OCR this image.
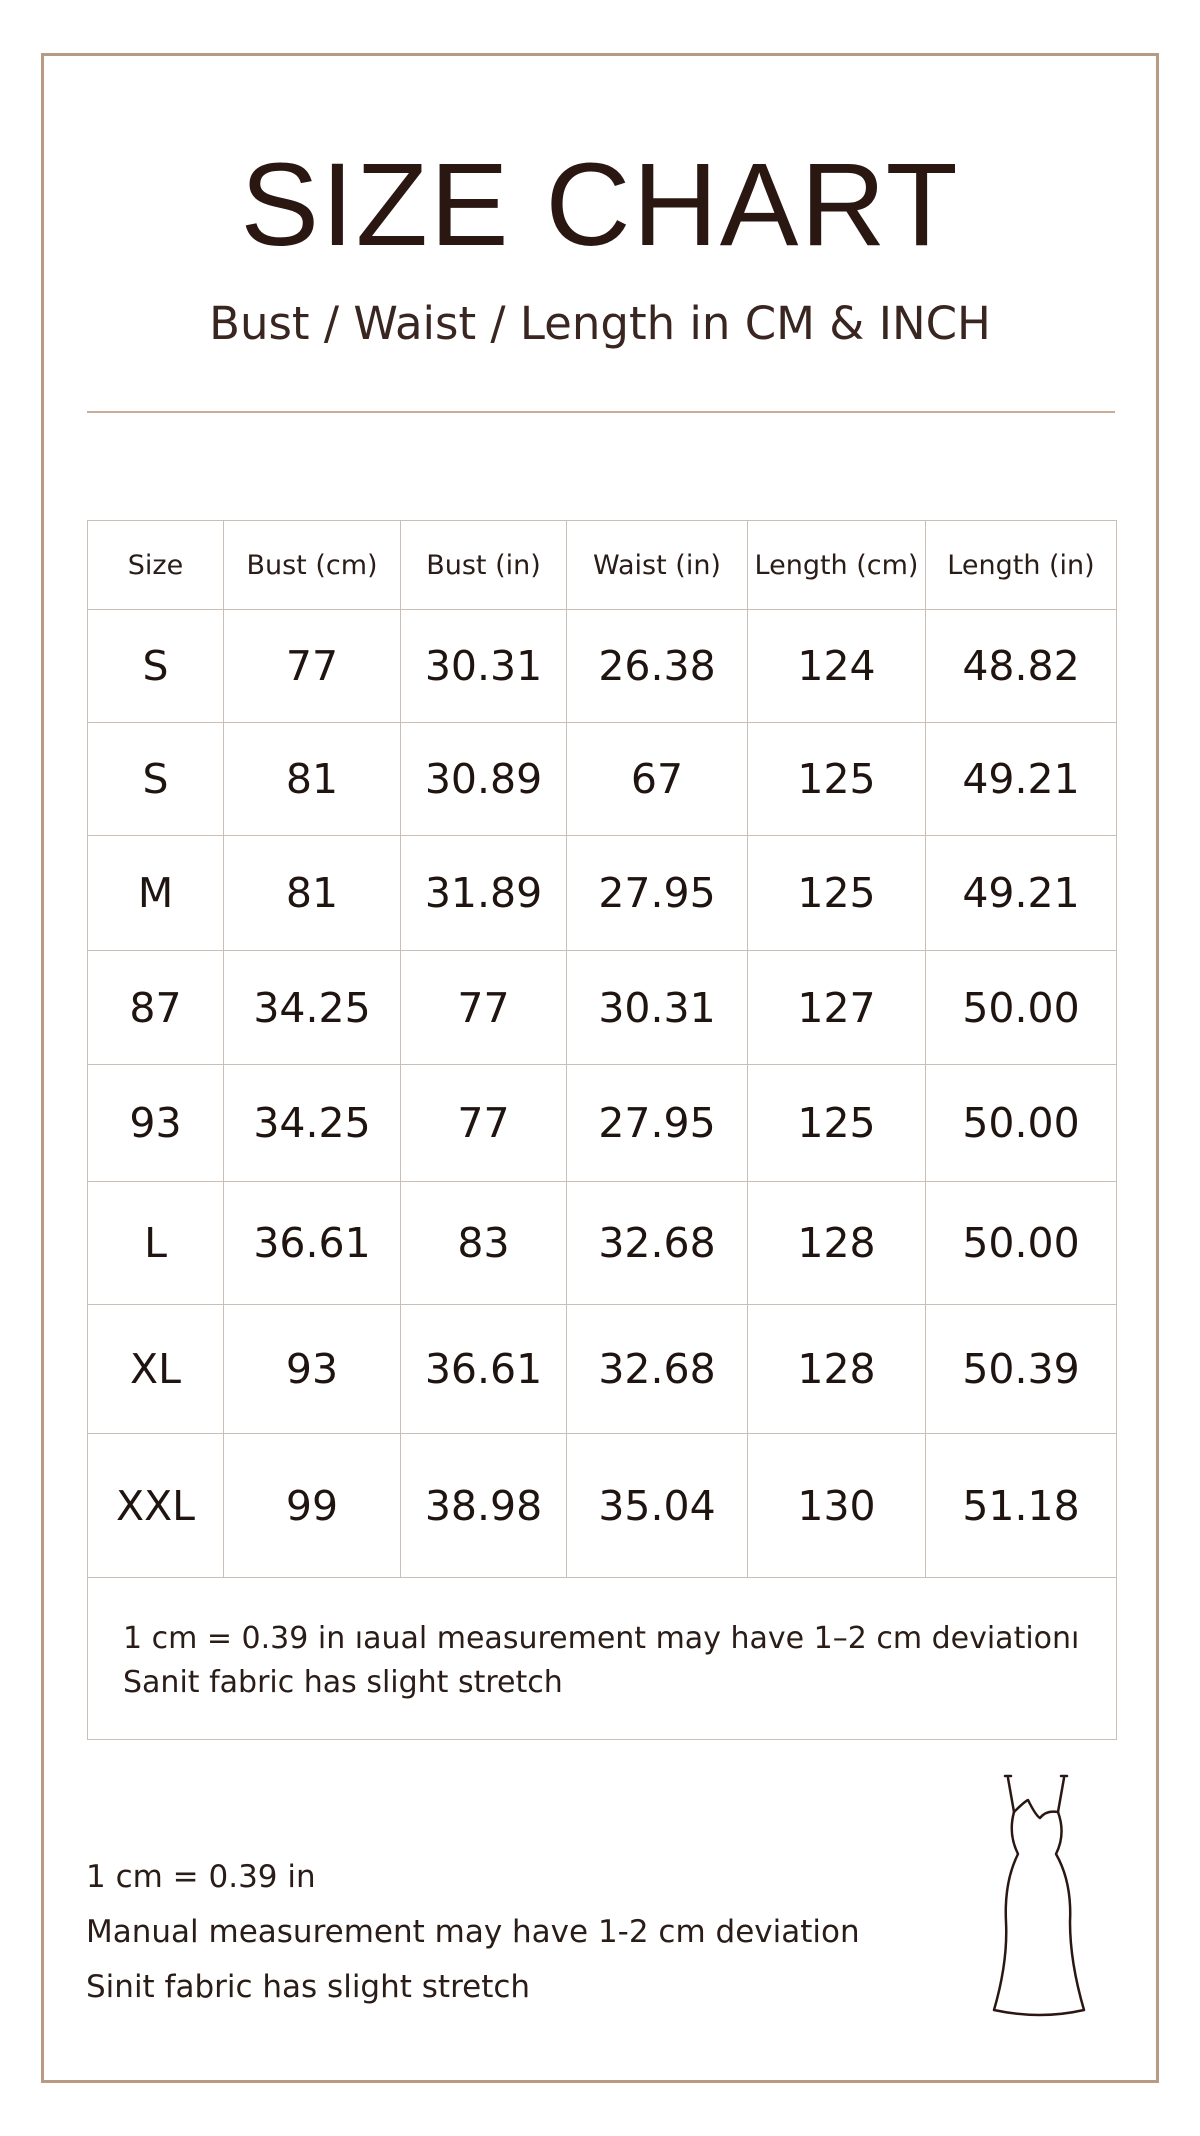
SIZE CHART
Bust / Waist / Length in CM & INCH
Size	Bust (cm)	Bust (in)	Waist (in)	Length (cm)	Length (in)
S	77	30.31	26.38	124	48.82
S	81	30.89	67	125	49.21
M	81	31.89	27.95	125	49.21
87	34.25	77	30.31	127	50.00
93	34.25	77	27.95	125	50.00
L	36.61	83	32.68	128	50.00
XL	93	36.61	32.68	128	50.39
XXL	99	38.98	35.04	130	51.18

1 cm = 0.39 in ıaual measurement may have 1–2 cm deviationı
Sanit fabric has slight stretch					
1 cm = 0.39 in
Manual measurement may have 1-2 cm deviation
Sinit fabric has slight stretch
